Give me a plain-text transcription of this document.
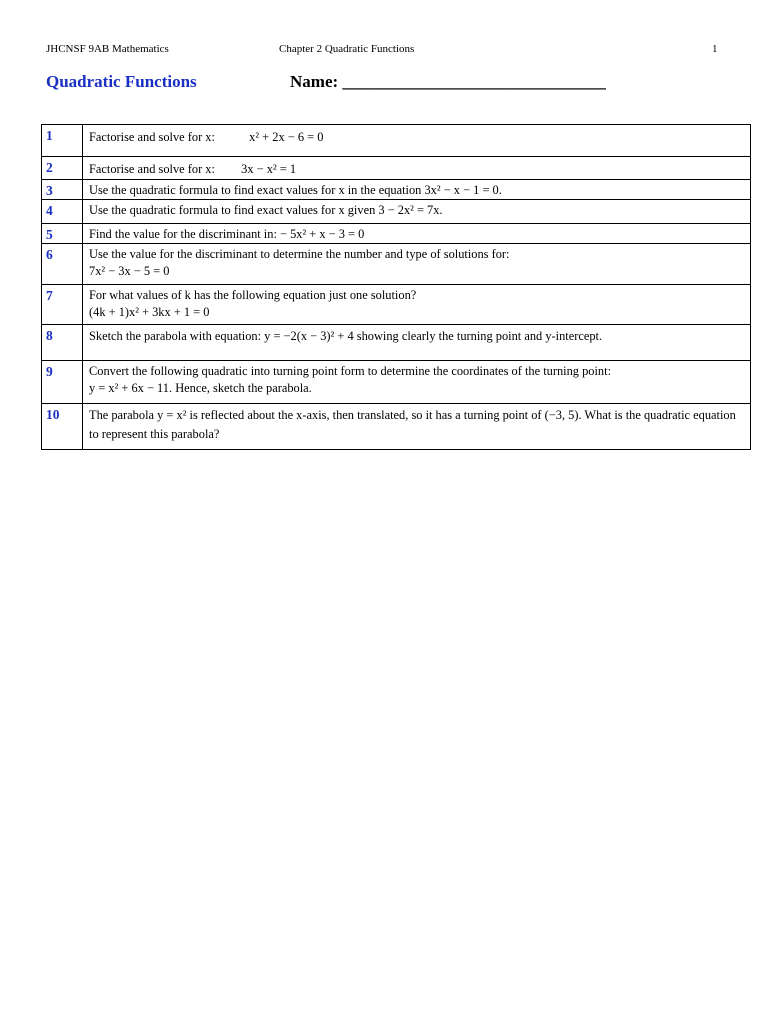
JHCNSF 9AB Mathematics	Chapter 2 Quadratic Functions	1
Quadratic Functions	Name: _______________________________
1	Factorise and solve for x: x² + 2x − 6 = 0
2	Factorise and solve for x: 3x − x² = 1
3	Use the quadratic formula to find exact values for x in the equation 3x² − x − 1 = 0.
4	Use the quadratic formula to find exact values for x given 3 − 2x² = 7x.
5	Find the value for the discriminant in: − 5x² + x − 3 = 0
6	Use the value for the discriminant to determine the number and type of solutions for:
7x² − 3x − 5 = 0

7	For what values of k has the following equation just one solution?
(4k + 1)x² + 3kx + 1 = 0

8	Sketch the parabola with equation: y = −2(x − 3)² + 4 showing clearly the turning point and y-intercept.
9	Convert the following quadratic into turning point form to determine the coordinates of the turning point:
y = x² + 6x − 11. Hence, sketch the parabola.
10	The parabola y = x² is reflected about the x-axis, then translated, so it has a turning point of (−3, 5). What is the quadratic equation to represent this parabola?
